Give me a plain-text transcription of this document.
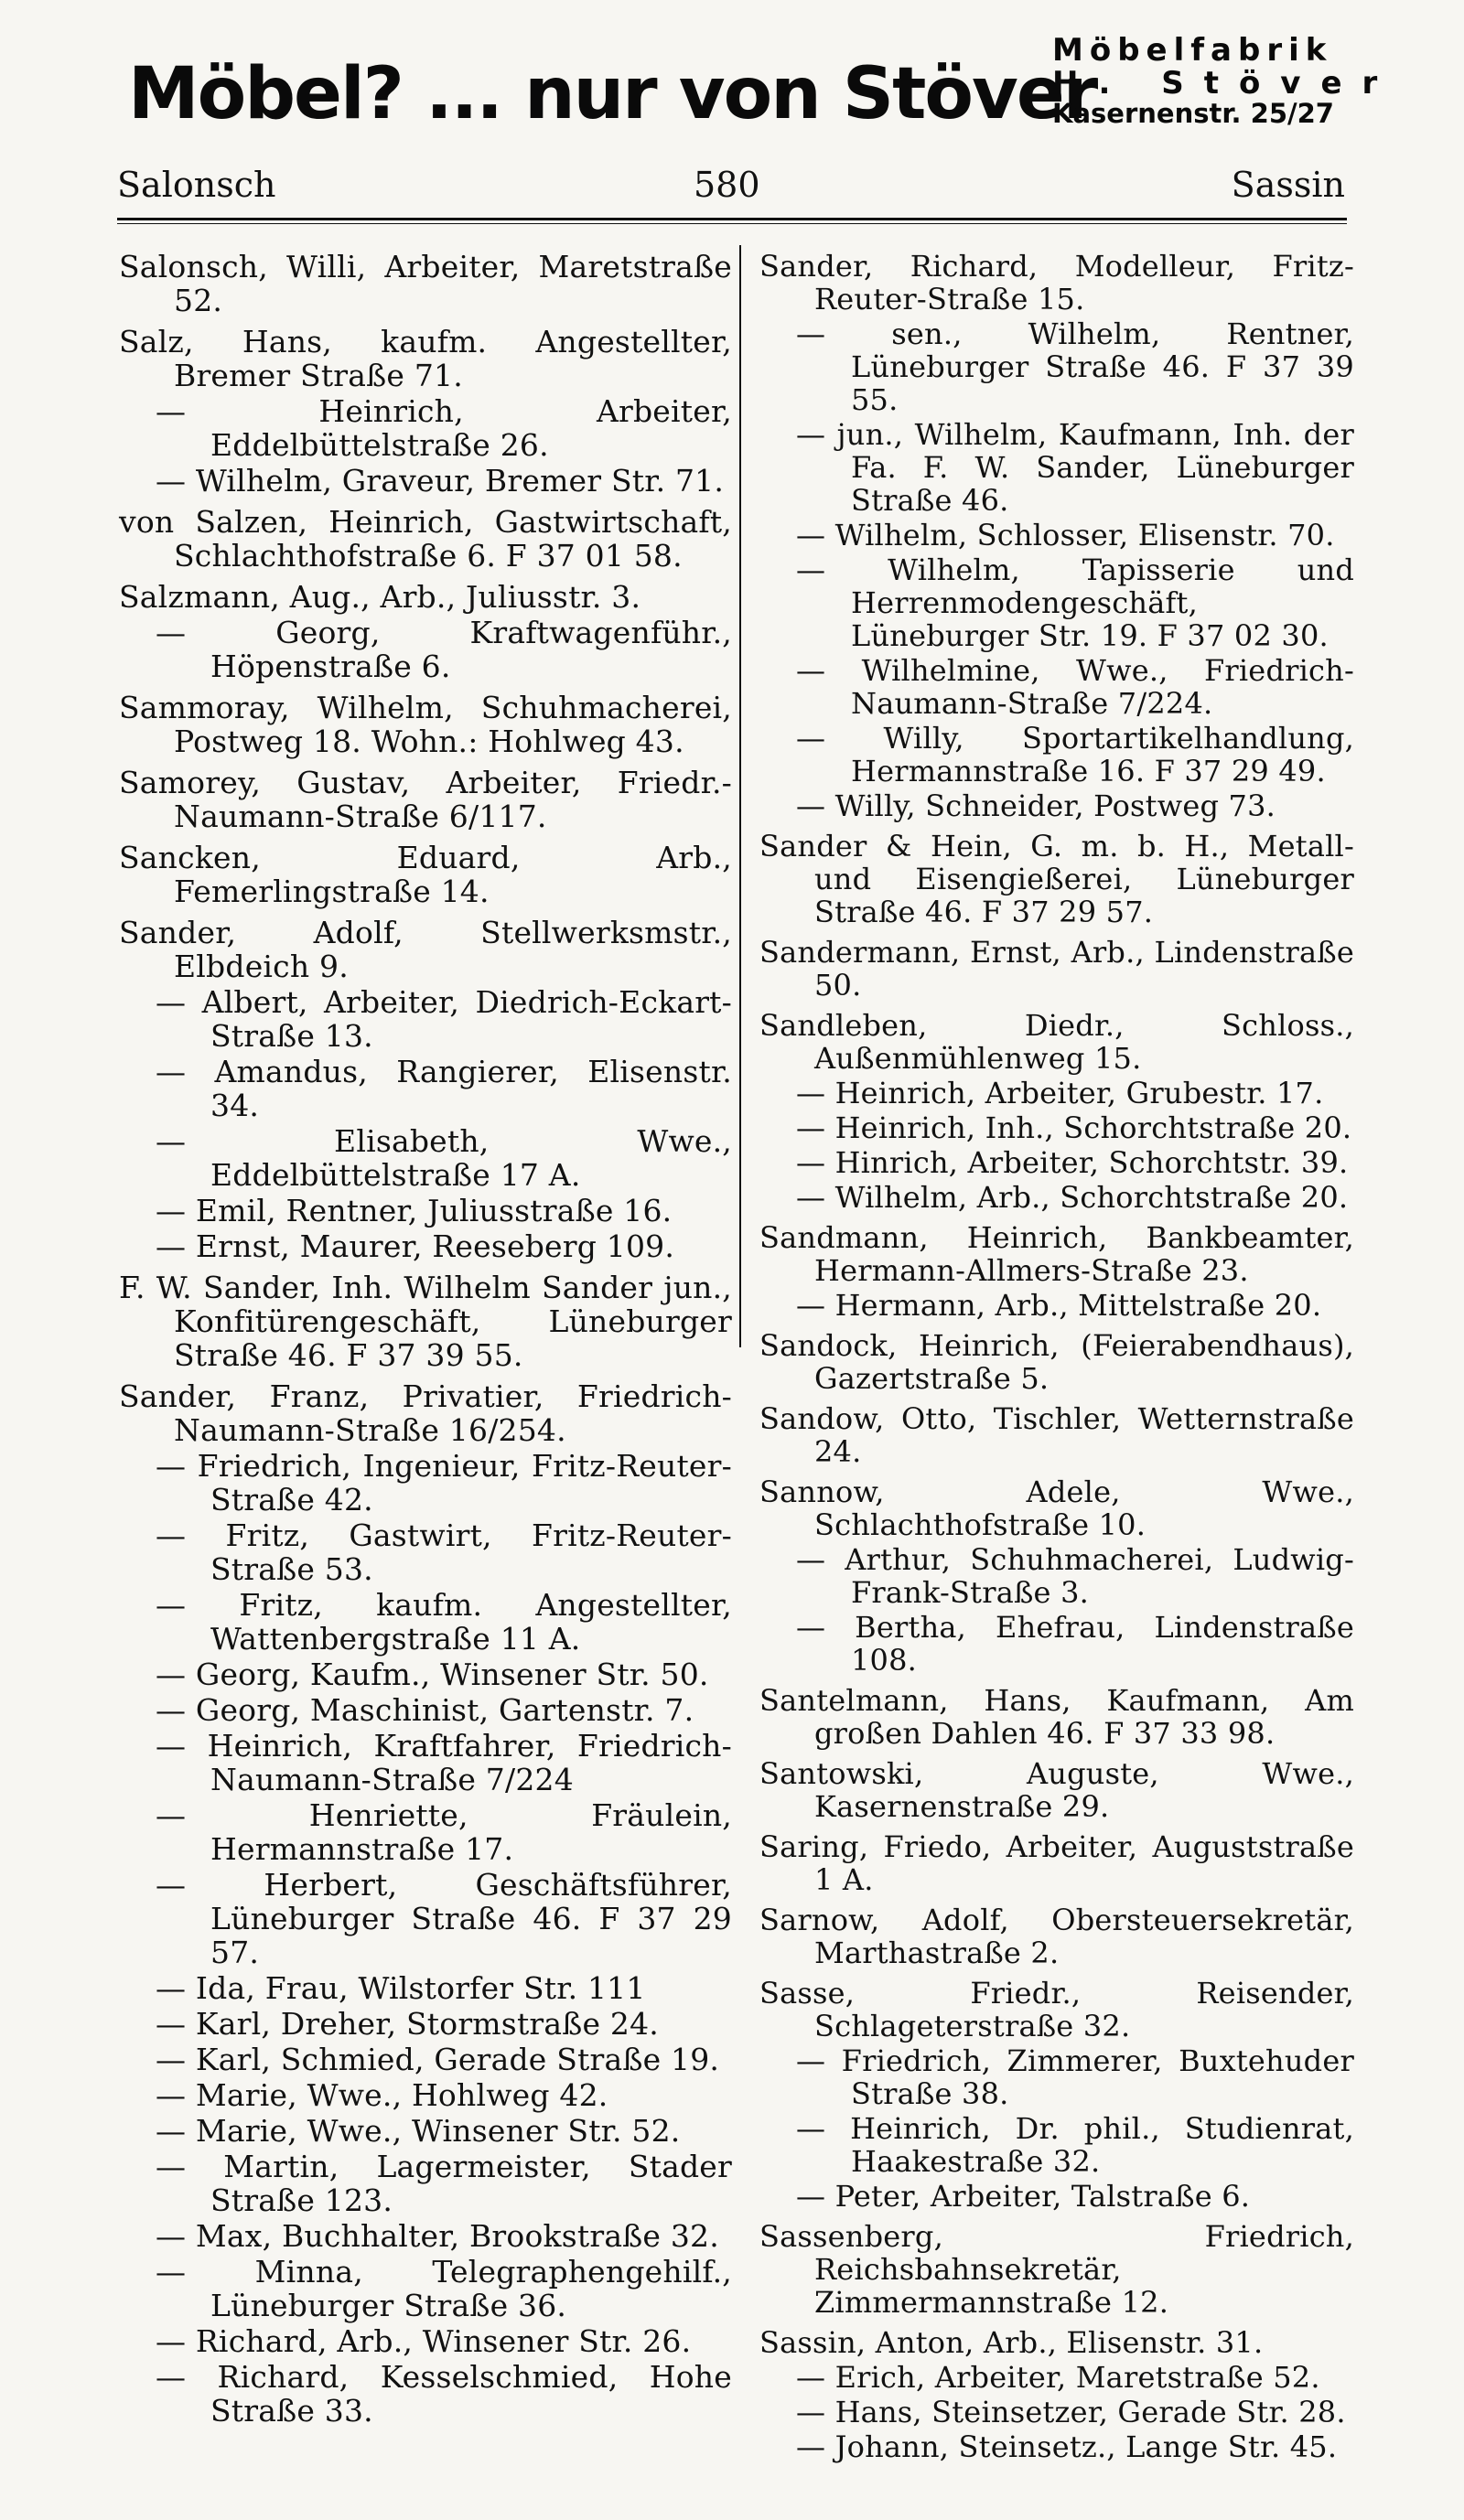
Möbel? ... nur von Stöver
Möbelfabrik
H. Stöver
Kasernenstr. 25/27
Salonsch	580	Sassin
Salonsch, Willi, Arbeiter, Maretstraße 52.
Salz, Hans, kaufm. Angestellter, Bremer Straße 71.
— Heinrich, Arbeiter, Eddelbüttelstraße 26.
— Wilhelm, Graveur, Bremer Str. 71.
von Salzen, Heinrich, Gastwirtschaft, Schlachthofstraße 6. F 37 01 58.
Salzmann, Aug., Arb., Juliusstr. 3.
— Georg, Kraftwagenführ., Höpenstraße 6.
Sammoray, Wilhelm, Schuhmacherei, Postweg 18. Wohn.: Hohlweg 43.
Samorey, Gustav, Arbeiter, Friedr.-Naumann-Straße 6/117.
Sancken, Eduard, Arb., Femerlingstraße 14.
Sander, Adolf, Stellwerksmstr., Elbdeich 9.
— Albert, Arbeiter, Diedrich-Eckart-Straße 13.
— Amandus, Rangierer, Elisenstr. 34.
— Elisabeth, Wwe., Eddelbüttelstraße 17 A.
— Emil, Rentner, Juliusstraße 16.
— Ernst, Maurer, Reeseberg 109.
F. W. Sander, Inh. Wilhelm Sander jun., Konfitürengeschäft, Lüneburger Straße 46. F 37 39 55.
Sander, Franz, Privatier, Friedrich-Naumann-Straße 16/254.
— Friedrich, Ingenieur, Fritz-Reuter-Straße 42.
— Fritz, Gastwirt, Fritz-Reuter-Straße 53.
— Fritz, kaufm. Angestellter, Wattenbergstraße 11 A.
— Georg, Kaufm., Winsener Str. 50.
— Georg, Maschinist, Gartenstr. 7.
— Heinrich, Kraftfahrer, Friedrich-Naumann-Straße 7/224
— Henriette, Fräulein, Hermannstraße 17.
— Herbert, Geschäftsführer, Lüneburger Straße 46. F 37 29 57.
— Ida, Frau, Wilstorfer Str. 111
— Karl, Dreher, Stormstraße 24.
— Karl, Schmied, Gerade Straße 19.
— Marie, Wwe., Hohlweg 42.
— Marie, Wwe., Winsener Str. 52.
— Martin, Lagermeister, Stader Straße 123.
— Max, Buchhalter, Brookstraße 32.
— Minna, Telegraphengehilf., Lüneburger Straße 36.
— Richard, Arb., Winsener Str. 26.
— Richard, Kesselschmied, Hohe Straße 33.
Sander, Richard, Modelleur, Fritz-Reuter-Straße 15.
— sen., Wilhelm, Rentner, Lüneburger Straße 46. F 37 39 55.
— jun., Wilhelm, Kaufmann, Inh. der Fa. F. W. Sander, Lüneburger Straße 46.
— Wilhelm, Schlosser, Elisenstr. 70.
— Wilhelm, Tapisserie und Herrenmodengeschäft, Lüneburger Str. 19. F 37 02 30.
— Wilhelmine, Wwe., Friedrich-Naumann-Straße 7/224.
— Willy, Sportartikelhandlung, Hermannstraße 16. F 37 29 49.
— Willy, Schneider, Postweg 73.
Sander & Hein, G. m. b. H., Metall- und Eisengießerei, Lüneburger Straße 46. F 37 29 57.
Sandermann, Ernst, Arb., Lindenstraße 50.
Sandleben, Diedr., Schloss., Außenmühlenweg 15.
— Heinrich, Arbeiter, Grubestr. 17.
— Heinrich, Inh., Schorchtstraße 20.
— Hinrich, Arbeiter, Schorchtstr. 39.
— Wilhelm, Arb., Schorchtstraße 20.
Sandmann, Heinrich, Bankbeamter, Hermann-Allmers-Straße 23.
— Hermann, Arb., Mittelstraße 20.
Sandock, Heinrich, (Feierabendhaus), Gazertstraße 5.
Sandow, Otto, Tischler, Wetternstraße 24.
Sannow, Adele, Wwe., Schlachthofstraße 10.
— Arthur, Schuhmacherei, Ludwig-Frank-Straße 3.
— Bertha, Ehefrau, Lindenstraße 108.
Santelmann, Hans, Kaufmann, Am großen Dahlen 46. F 37 33 98.
Santowski, Auguste, Wwe., Kasernenstraße 29.
Saring, Friedo, Arbeiter, Auguststraße 1 A.
Sarnow, Adolf, Obersteuersekretär, Marthastraße 2.
Sasse, Friedr., Reisender, Schlageterstraße 32.
— Friedrich, Zimmerer, Buxtehuder Straße 38.
— Heinrich, Dr. phil., Studienrat, Haakestraße 32.
— Peter, Arbeiter, Talstraße 6.
Sassenberg, Friedrich, Reichsbahnsekretär, Zimmermannstraße 12.
Sassin, Anton, Arb., Elisenstr. 31.
— Erich, Arbeiter, Maretstraße 52.
— Hans, Steinsetzer, Gerade Str. 28.
— Johann, Steinsetz., Lange Str. 45.
